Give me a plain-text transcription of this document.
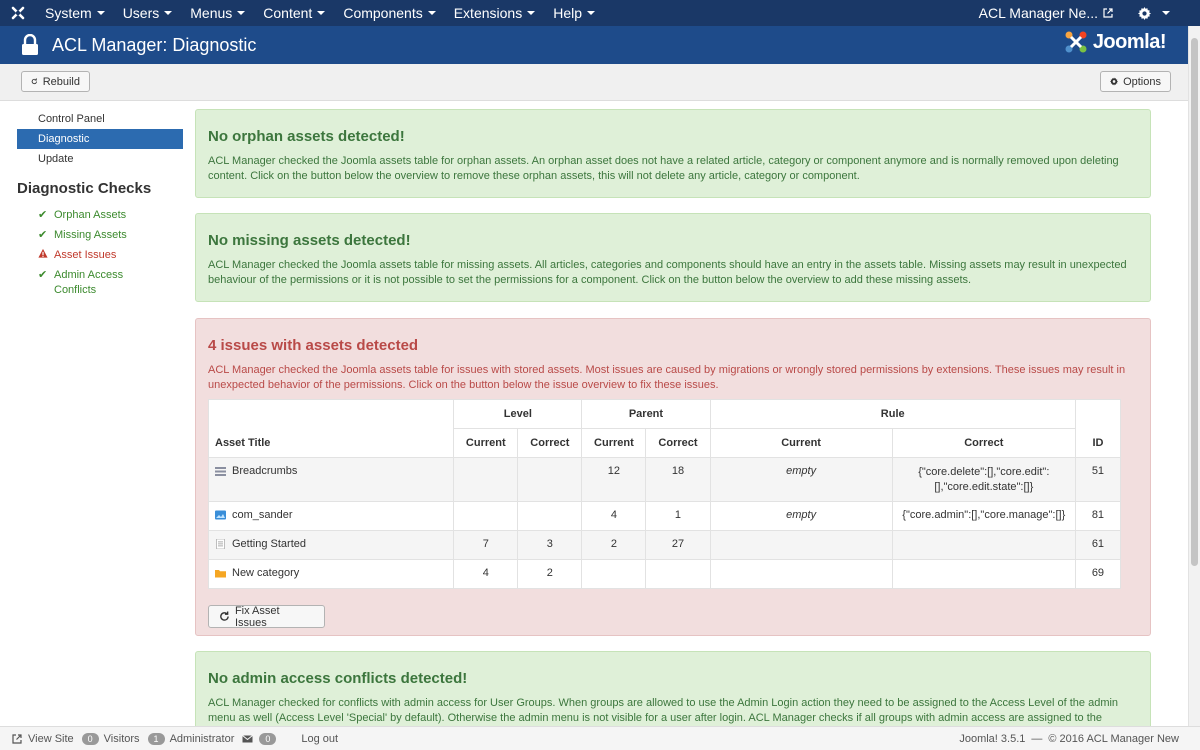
System Users Menus Content Components Extensions Help	ACL Manager Ne...
ACL Manager: Diagnostic	Joomla!
Rebuild	Options
Control Panel
Diagnostic
Update
Diagnostic Checks
✔ Orphan Assets
✔ Missing Assets
Asset Issues
✔ Admin Access Conflicts
No orphan assets detected!

ACL Manager checked the Joomla assets table for orphan assets. An orphan asset does not have a related article, category or component anymore and is normally removed upon deleting content. Click on the button below the overview to remove these orphan assets, this will not delete any article, category or component.

No missing assets detected!

ACL Manager checked the Joomla assets table for missing assets. All articles, categories and components should have an entry in the assets table. Missing assets may result in unexpected behaviour of the permissions or it is not possible to set the permissions for a component. Click on the button below the overview to add these missing assets.

4 issues with assets detected

ACL Manager checked the Joomla assets table for issues with stored assets. Most issues are caused by migrations or wrongly stored permissions by extensions. These issues may result in unexpected behavior of the permissions. Click on the button below the issue overview to fix these issues.

Asset Title	Level		Parent		Rule		ID
	Current	Correct	Current	Correct	Current	Correct	

Breadcrumbs			12	18	empty	{"core.delete":[],"core.edit":[],"core.edit.state":[]}	51

com_sander			4	1	empty	{"core.admin":[],"core.manage":[]}	81

Getting Started	7	3	2	27			61

New category	4	2					69
Fix Asset Issues
No admin access conflicts detected!

ACL Manager checked for conflicts with admin access for User Groups. When groups are allowed to use the Admin Login action they need to be assigned to the Access Level of the admin menu as well (Access Level 'Special' by default). Otherwise the admin menu is not visible for a user after login. ACL Manager checks if all groups with admin access are assigned to the

View Site	0	Visitors	1	Administrator	0	Log out	Joomla! 3.5.1 — © 2016 ACL Manager New
